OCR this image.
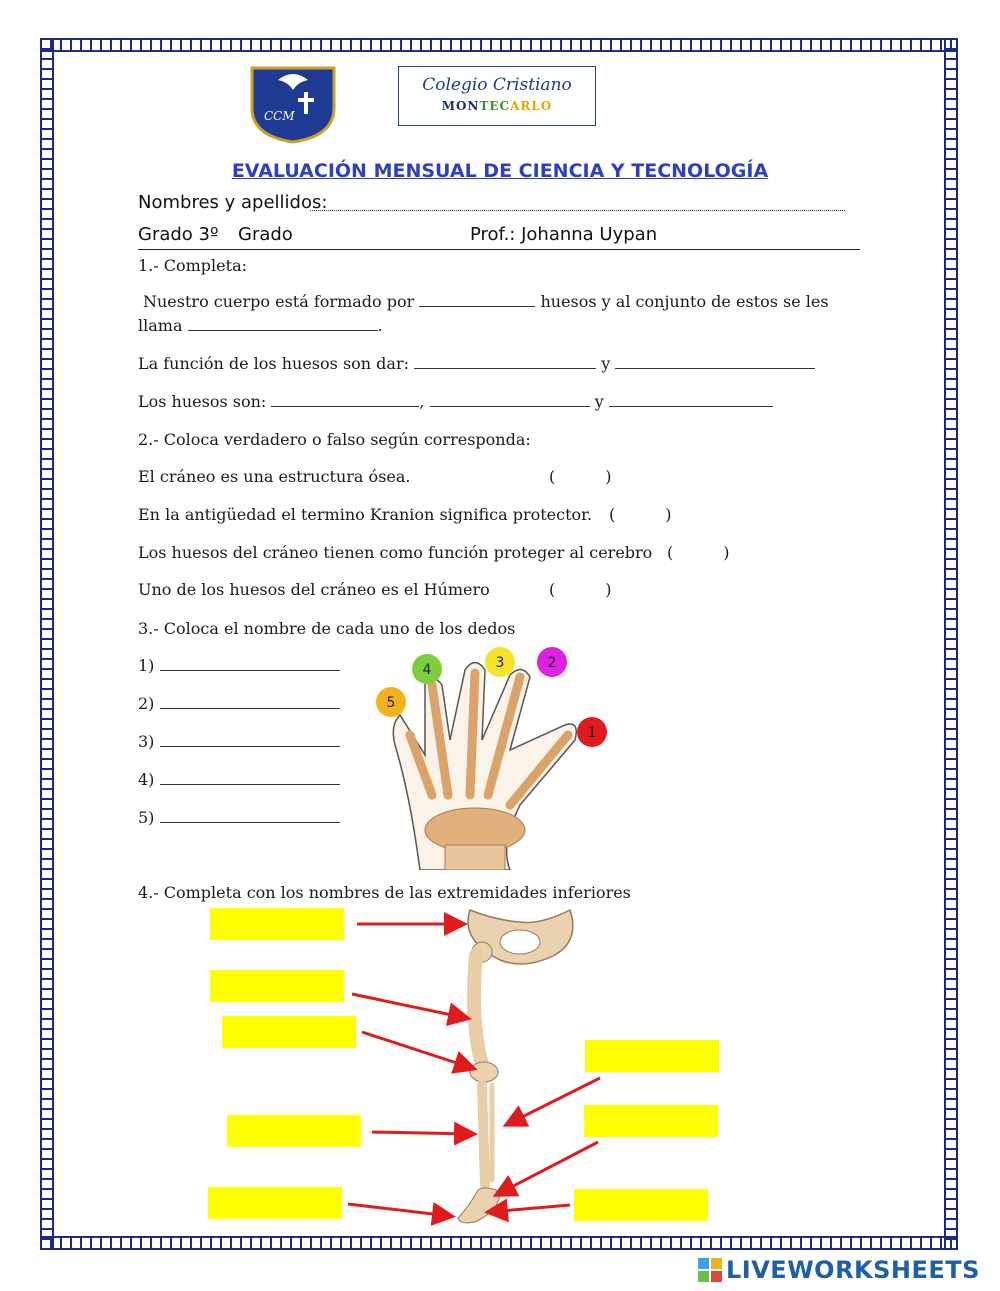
CCM
Colegio Cristiano
MONTECARLO
EVALUACIÓN MENSUAL DE CIENCIA Y TECNOLOGÍA
Nombres y apellidos:
Grado 3º Grado	Prof.: Johanna Uypan
1.- Completa:
Nuestro cuerpo está formado por	huesos y al conjunto de estos se les
llama	.
La función de los huesos son dar:	y
Los huesos son:	,	y
2.- Coloca verdadero o falso según corresponda:
El cráneo es una estructura ósea.	(	)
En la antigüedad el termino Kranion significa protector. (	)
Los huesos del cráneo tienen como función proteger al cerebro (	)
Uno de los huesos del cráneo es el Húmero	(	)
3.- Coloca el nombre de cada uno de los dedos
1)
2)
3)
4)
5)
1
2
3
4
5
4.- Completa con los nombres de las extremidades inferiores
LIVEWORKSHEETS
